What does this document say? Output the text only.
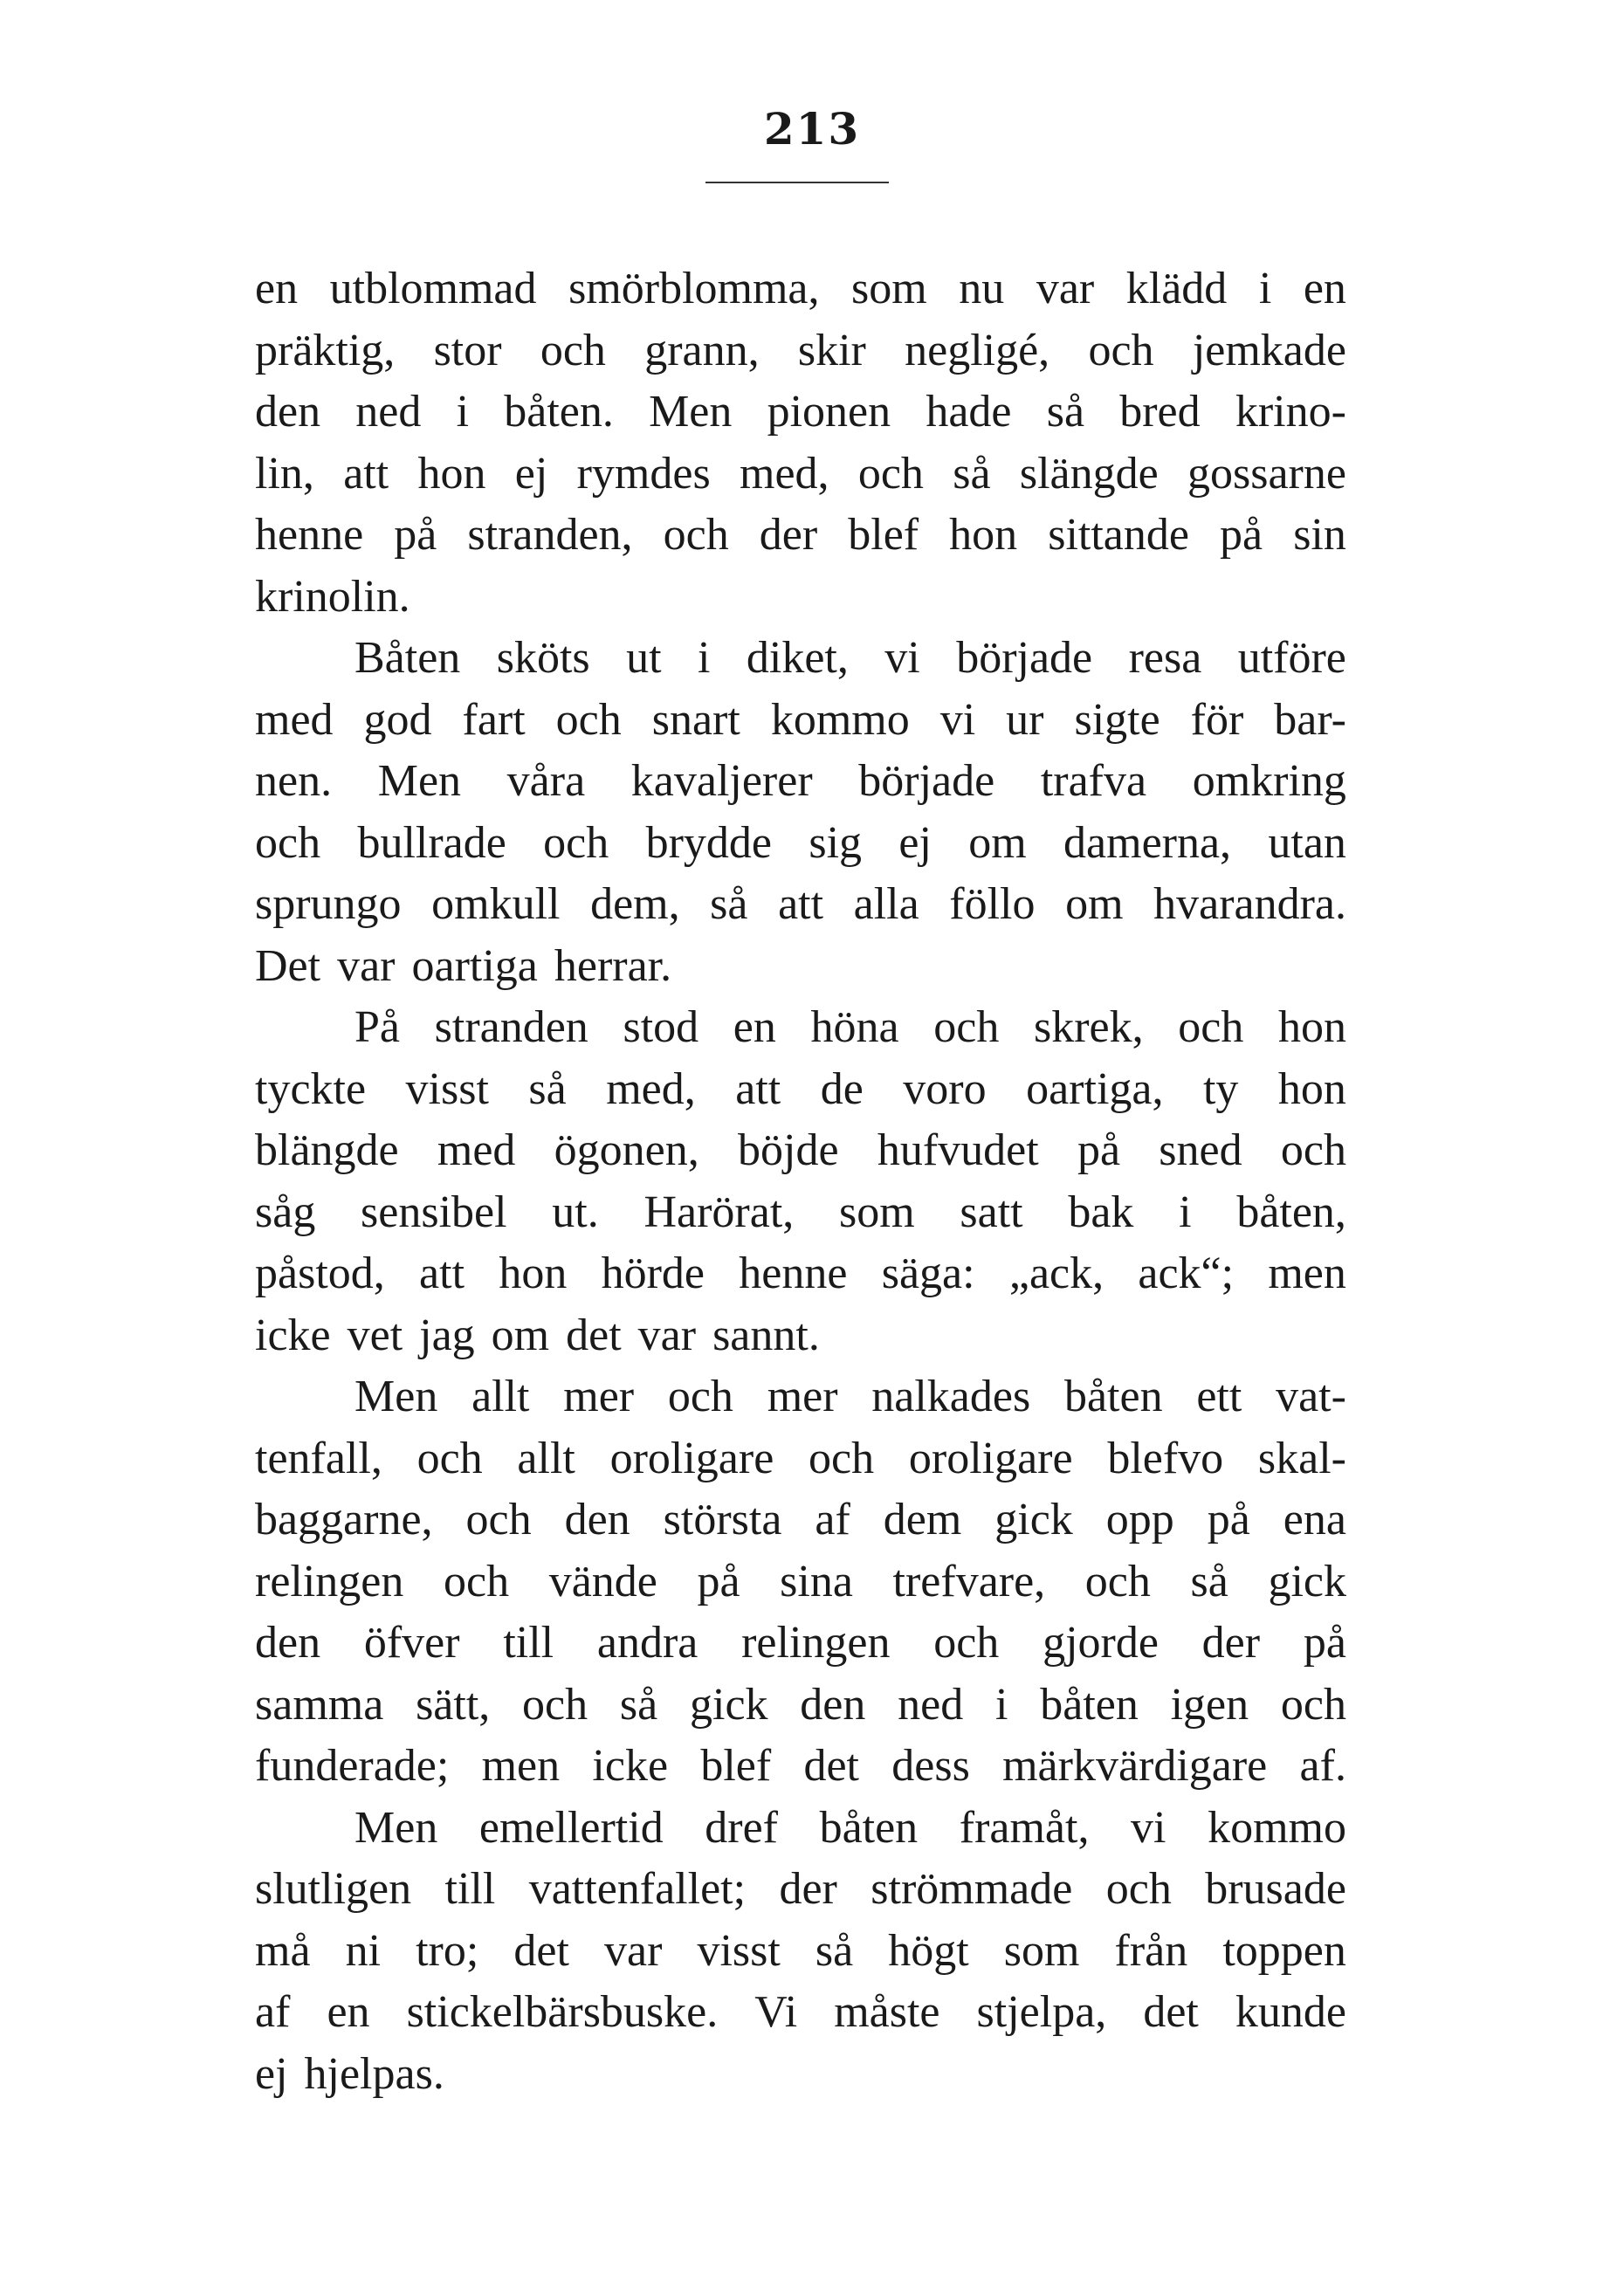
213
en utblommad smörblomma, som nu var klädd i en
präktig, stor och grann, skir negligé, och jemkade
den ned i båten. Men pionen hade så bred krino-
lin, att hon ej rymdes med, och så slängde gossarne
henne på stranden, och der blef hon sittande på sin
krinolin.
Båten sköts ut i diket, vi började resa utföre
med god fart och snart kommo vi ur sigte för bar-
nen. Men våra kavaljerer började trafva omkring
och bullrade och brydde sig ej om damerna, utan
sprungo omkull dem, så att alla föllo om hvarandra.
Det var oartiga herrar.
På stranden stod en höna och skrek, och hon
tyckte visst så med, att de voro oartiga, ty hon
blängde med ögonen, böjde hufvudet på sned och
såg sensibel ut. Harörat, som satt bak i båten,
påstod, att hon hörde henne säga: „ack, ack“; men
icke vet jag om det var sannt.
Men allt mer och mer nalkades båten ett vat-
tenfall, och allt oroligare och oroligare blefvo skal-
baggarne, och den största af dem gick opp på ena
relingen och vände på sina trefvare, och så gick
den öfver till andra relingen och gjorde der på
samma sätt, och så gick den ned i båten igen och
funderade; men icke blef det dess märkvärdigare af.
Men emellertid dref båten framåt, vi kommo
slutligen till vattenfallet; der strömmade och brusade
må ni tro; det var visst så högt som från toppen
af en stickelbärsbuske. Vi måste stjelpa, det kunde
ej hjelpas.
